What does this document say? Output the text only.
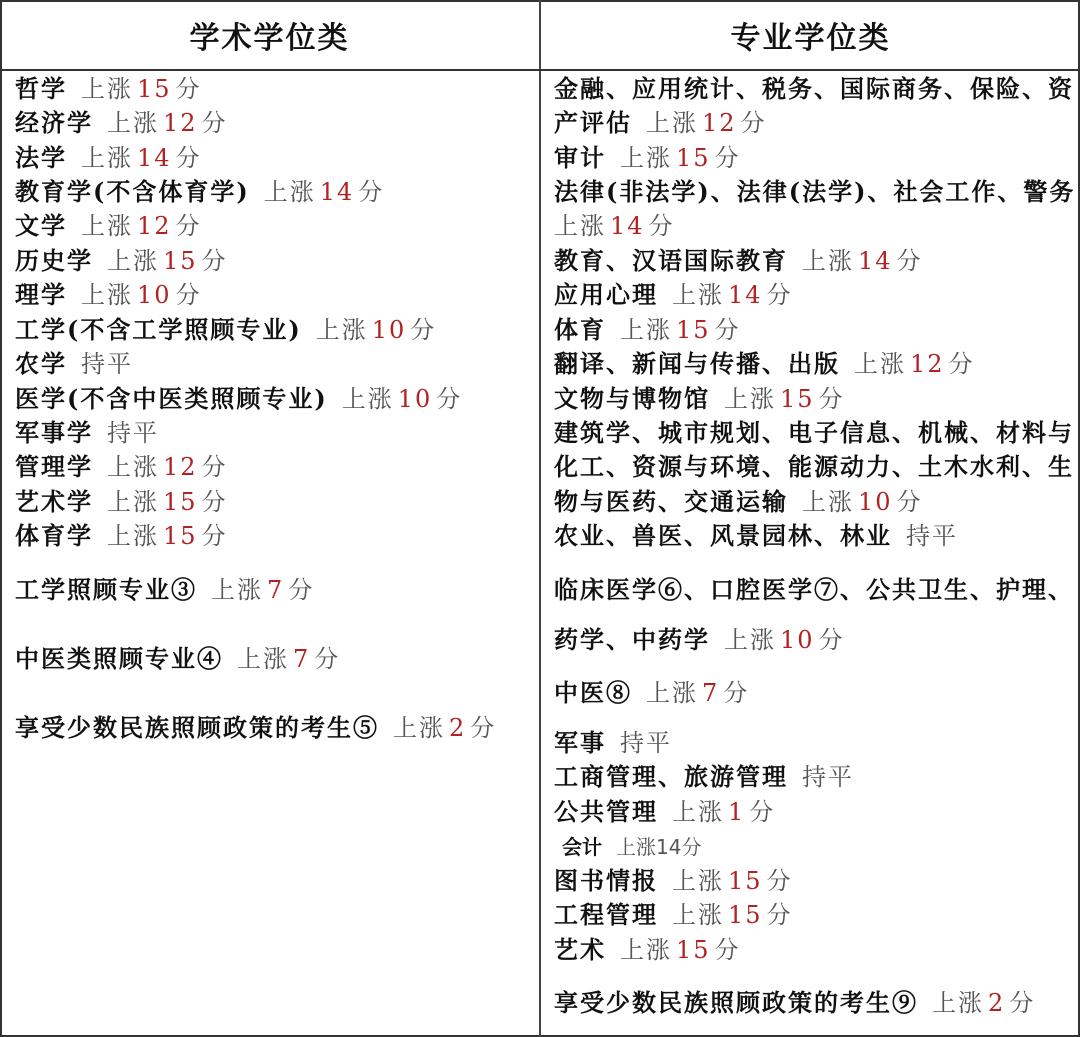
学术学位类	专业学位类
哲学 上涨 15 分
经济学 上涨 12 分
法学 上涨 14 分
教育学(不含体育学) 上涨 14 分
文学 上涨 12 分
历史学 上涨 15 分
理学 上涨 10 分
工学(不含工学照顾专业) 上涨 10 分
农学 持平
医学(不含中医类照顾专业) 上涨 10 分
军事学 持平
管理学 上涨 12 分
艺术学 上涨 15 分
体育学 上涨 15 分
工学照顾专业③ 上涨 7 分
中医类照顾专业④ 上涨 7 分
享受少数民族照顾政策的考生⑤ 上涨 2 分
金融、应用统计、税务、国际商务、保险、资
产评估 上涨 12 分
审计 上涨 15 分
法律(非法学)、法律(法学)、社会工作、警务
上涨 14 分
教育、汉语国际教育 上涨 14 分
应用心理 上涨 14 分
体育 上涨 15 分
翻译、新闻与传播、出版 上涨 12 分
文物与博物馆 上涨 15 分
建筑学、城市规划、电子信息、机械、材料与
化工、资源与环境、能源动力、土木水利、生
物与医药、交通运输 上涨 10 分
农业、兽医、风景园林、林业 持平
临床医学⑥、口腔医学⑦、公共卫生、护理、
药学、中药学 上涨 10 分
中医⑧ 上涨 7 分
军事 持平
工商管理、旅游管理 持平
公共管理 上涨 1 分
会计 上涨14分
图书情报 上涨 15 分
工程管理 上涨 15 分
艺术 上涨 15 分
享受少数民族照顾政策的考生⑨ 上涨 2 分
